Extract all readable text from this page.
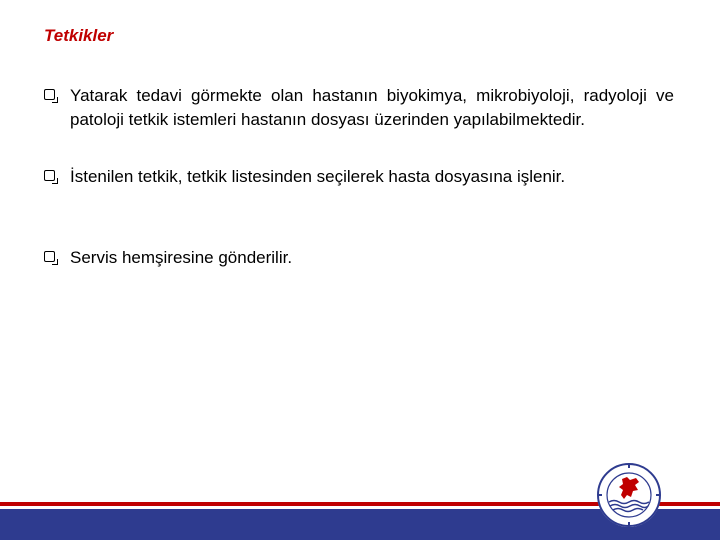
Tetkikler
Yatarak tedavi görmekte olan hastanın biyokimya, mikrobiyoloji, radyoloji ve patoloji tetkik istemleri hastanın dosyası üzerinden yapılabilmektedir.
İstenilen tetkik, tetkik listesinden seçilerek hasta dosyasına işlenir.
Servis hemşiresine gönderilir.
